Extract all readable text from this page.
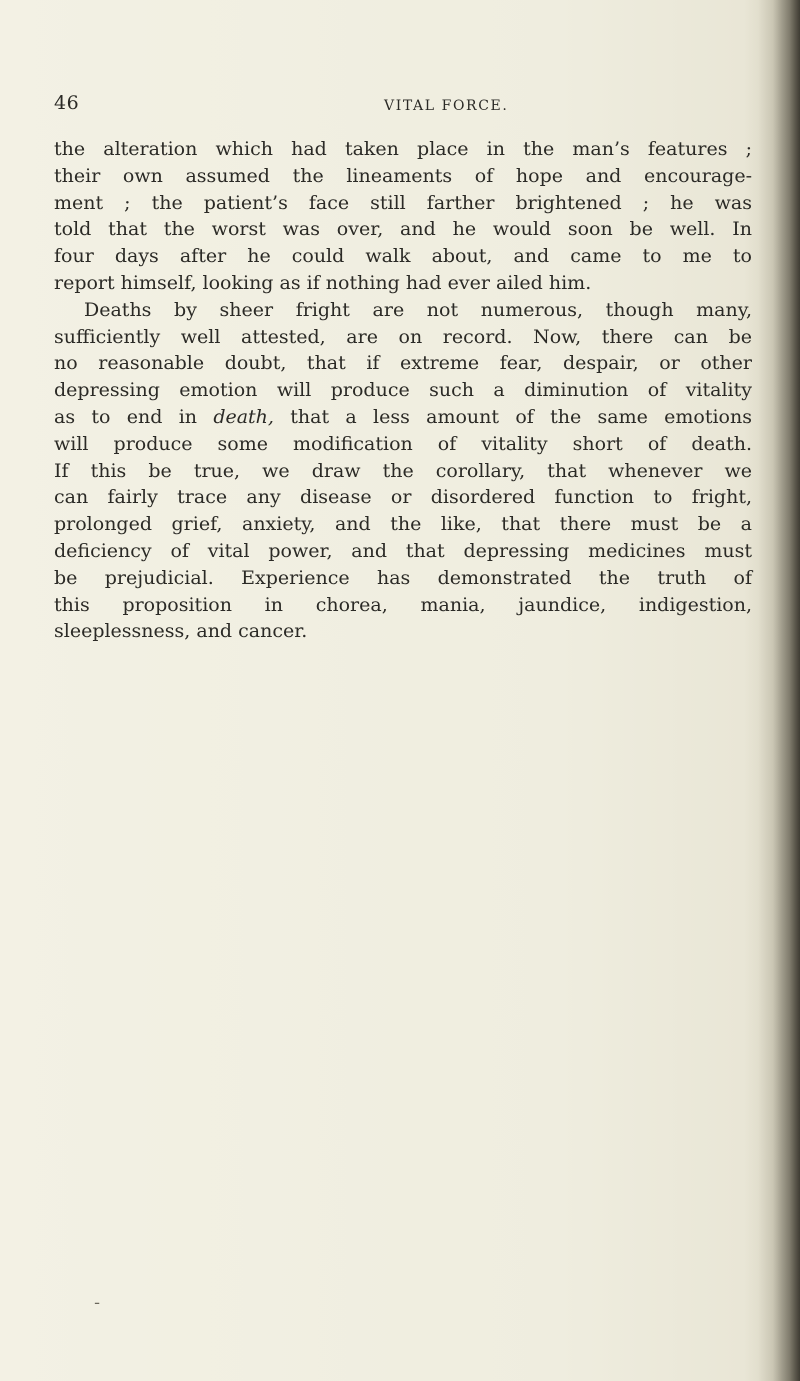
46	VITAL FORCE.

the alteration which had taken place in the man’s features ;
their own assumed the lineaments of hope and encourage-
ment ; the patient’s face still farther brightened ; he was
told that the worst was over, and he would soon be well. In
four days after he could walk about, and came to me to
report himself, looking as if nothing had ever ailed him.

Deaths by sheer fright are not numerous, though many,
sufficiently well attested, are on record. Now, there can be
no reasonable doubt, that if extreme fear, despair, or other
depressing emotion will produce such a diminution of vitality
as to end in death, that a less amount of the same emotions
will produce some modification of vitality short of death.
If this be true, we draw the corollary, that whenever we
can fairly trace any disease or disordered function to fright,
prolonged grief, anxiety, and the like, that there must be a
deficiency of vital power, and that depressing medicines must
be prejudicial. Experience has demonstrated the truth of
this proposition in chorea, mania, jaundice, indigestion,
sleeplessness, and cancer.

ـ
